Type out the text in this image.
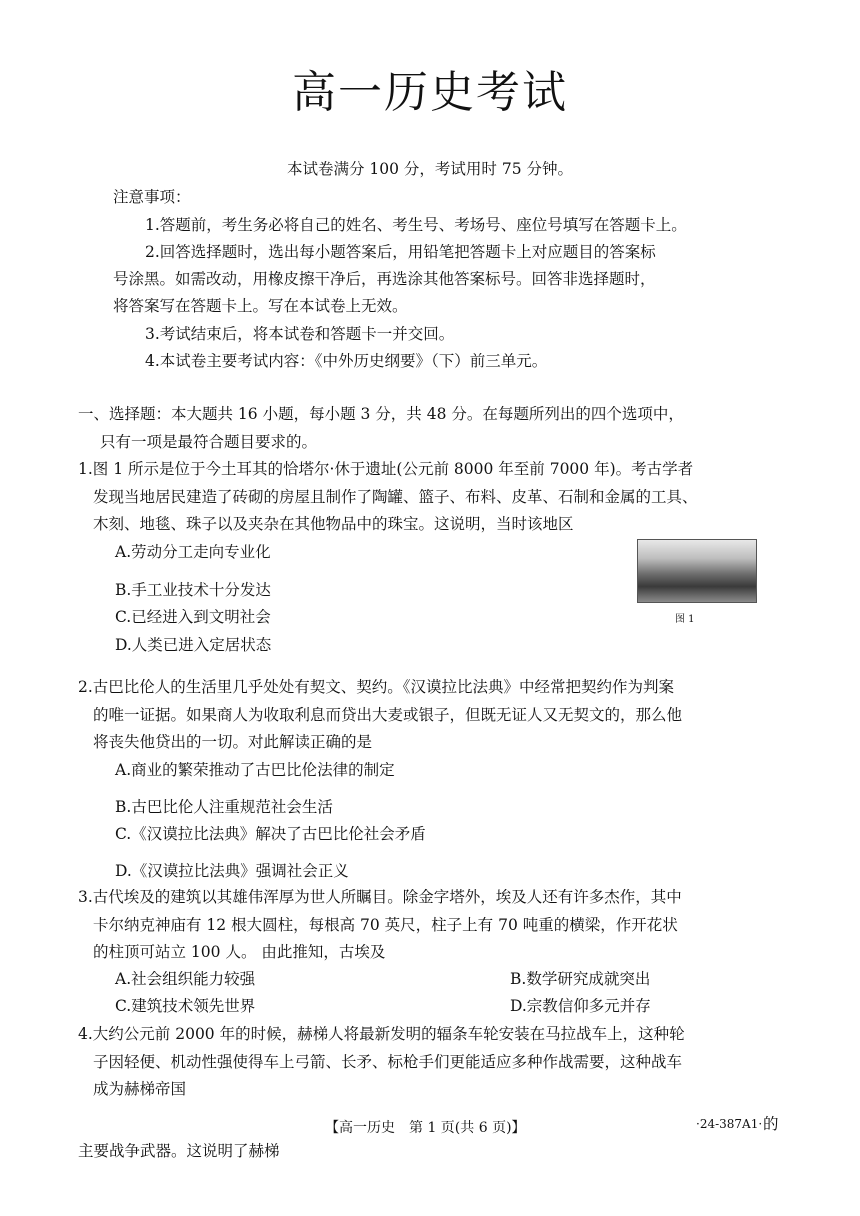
高一历史考试
本试卷满分 100 分，考试用时 75 分钟。
注意事项：
1.答题前，考生务必将自己的姓名、考生号、考场号、座位号填写在答题卡上。
2.回答选择题时，选出每小题答案后，用铅笔把答题卡上对应题目的答案标
号涂黑。如需改动，用橡皮擦干净后，再选涂其他答案标号。回答非选择题时，
将答案写在答题卡上。写在本试卷上无效。
3.考试结束后，将本试卷和答题卡一并交回。
4.本试卷主要考试内容：《中外历史纲要》（下）前三单元。
一、选择题：本大题共 16 小题，每小题 3 分，共 48 分。在每题所列出的四个选项中，
只有一项是最符合题目要求的。
1.图 1 所示是位于今土耳其的恰塔尔·休于遗址(公元前 8000 年至前 7000 年)。考古学者
发现当地居民建造了砖砌的房屋且制作了陶罐、篮子、布料、皮革、石制和金属的工具、
木刻、地毯、珠子以及夹杂在其他物品中的珠宝。这说明，当时该地区
A.劳动分工走向专业化
B.手工业技术十分发达
C.已经进入到文明社会
D.人类已进入定居状态
图 1
2.古巴比伦人的生活里几乎处处有契文、契约。《汉谟拉比法典》中经常把契约作为判案
的唯一证据。如果商人为收取利息而贷出大麦或银子，但既无证人又无契文的，那么他
将丧失他贷出的一切。对此解读正确的是
A.商业的繁荣推动了古巴比伦法律的制定
B.古巴比伦人注重规范社会生活
C.《汉谟拉比法典》解决了古巴比伦社会矛盾
D.《汉谟拉比法典》强调社会正义
3.古代埃及的建筑以其雄伟浑厚为世人所瞩目。除金字塔外，埃及人还有许多杰作，其中
卡尔纳克神庙有 12 根大圆柱，每根高 70 英尺，柱子上有 70 吨重的横梁，作开花状
的柱顶可站立 100 人。 由此推知，古埃及
A.社会组织能力较强	B.数学研究成就突出
C.建筑技术领先世界	D.宗教信仰多元并存
4.大约公元前 2000 年的时候，赫梯人将最新发明的辐条车轮安装在马拉战车上，这种轮
子因轻便、机动性强使得车上弓箭、长矛、标枪手们更能适应多种作战需要，这种战车
成为赫梯帝国
【高一历史　第 1 页(共 6 页)】	·24-387A1· 的
主要战争武器。这说明了赫梯
